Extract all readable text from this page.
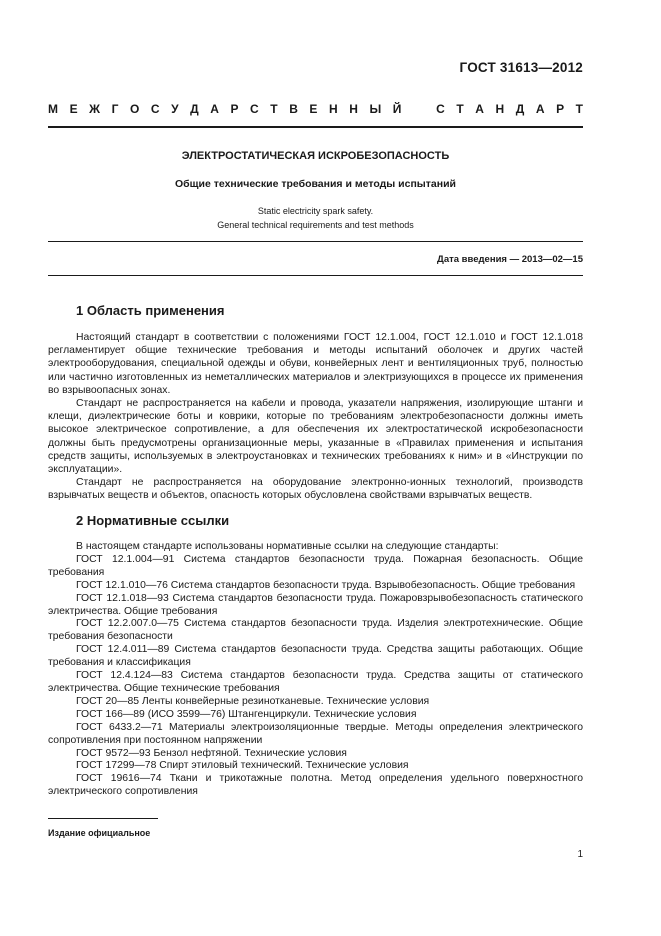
ГОСТ 31613—2012
М Е Ж Г О С У Д А Р С Т В Е Н Н Ы Й	С Т А Н Д А Р Т
ЭЛЕКТРОСТАТИЧЕСКАЯ ИСКРОБЕЗОПАСНОСТЬ
Общие технические требования и методы испытаний
Static electricity spark safety.
General technical requirements and test methods
Дата введения — 2013—02—15
1 Область применения

Настоящий стандарт в соответствии с положениями ГОСТ 12.1.004, ГОСТ 12.1.010 и ГОСТ 12.1.018 регламентирует общие технические требования и методы испытаний оболочек и других частей электрооборудования, специальной одежды и обуви, конвейерных лент и вентиляционных труб, полностью или частично изготовленных из неметаллических материалов и электризующихся в процессе их применения во взрывоопасных зонах.

Стандарт не распространяется на кабели и провода, указатели напряжения, изолирующие штанги и клещи, диэлектрические боты и коврики, которые по требованиям электробезопасности должны иметь высокое электрическое сопротивление, а для обеспечения их электростатической искробезопасности должны быть предусмотрены организационные меры, указанные в «Правилах применения и испытания средств защиты, используемых в электроустановках и технических требованиях к ним» и в «Инструкции по эксплуатации».

Стандарт не распространяется на оборудование электронно-ионных технологий, производств взрывчатых веществ и объектов, опасность которых обусловлена свойствами взрывчатых веществ.

2 Нормативные ссылки

В настоящем стандарте использованы нормативные ссылки на следующие стандарты:

ГОСТ 12.1.004—91 Система стандартов безопасности труда. Пожарная безопасность. Общие требования

ГОСТ 12.1.010—76 Система стандартов безопасности труда. Взрывобезопасность. Общие требования

ГОСТ 12.1.018—93 Система стандартов безопасности труда. Пожаровзрывобезопасность статического электричества. Общие требования

ГОСТ 12.2.007.0—75 Система стандартов безопасности труда. Изделия электротехнические. Общие требования безопасности

ГОСТ 12.4.011—89 Система стандартов безопасности труда. Средства защиты работающих. Общие требования и классификация

ГОСТ 12.4.124—83 Система стандартов безопасности труда. Средства защиты от статического электричества. Общие технические требования

ГОСТ 20—85 Ленты конвейерные резинотканевые. Технические условия

ГОСТ 166—89 (ИСО 3599—76) Штангенциркули. Технические условия

ГОСТ 6433.2—71 Материалы электроизоляционные твердые. Методы определения электрического сопротивления при постоянном напряжении

ГОСТ 9572—93 Бензол нефтяной. Технические условия

ГОСТ 17299—78 Спирт этиловый технический. Технические условия

ГОСТ 19616—74 Ткани и трикотажные полотна. Метод определения удельного поверхностного электрического сопротивления

Издание официальное
1
